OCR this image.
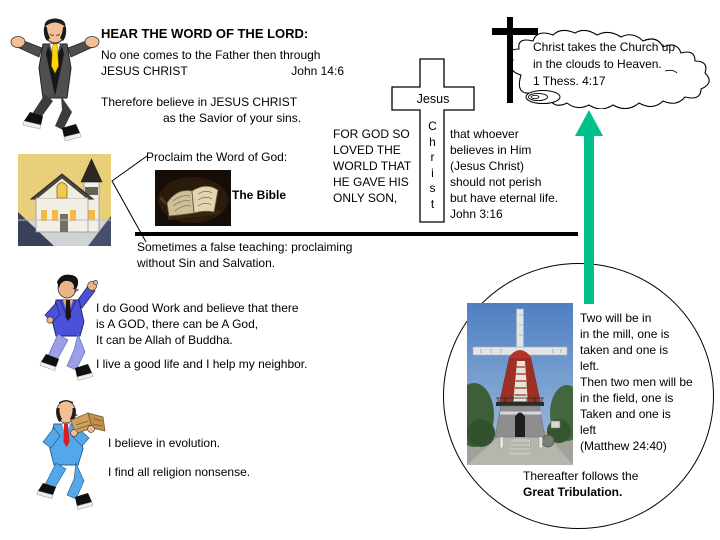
HEAR THE WORD OF THE LORD:
No one comes to the Father then through
JESUS CHRIST	John 14:6
Therefore believe in JESUS CHRIST
as the Savior of your sins.
Proclaim the Word of God:
The Bible
Sometimes a false teaching: proclaiming
without Sin and Salvation.
FOR GOD SO
LOVED THE
WORLD THAT
HE GAVE HIS
ONLY SON,
Jesus
C
h
r
i
s
t
that whoever
believes in Him
(Jesus Christ)
should not perish
but have eternal life.
John 3:16
Christ takes the Church up
in the clouds to Heaven.
1 Thess. 4:17
Two will be in
in the mill, one is
taken and one is
left.
Then two men will be
in the field, one is
Taken and one is
left
(Matthew 24:40)
Thereafter follows the
Great Tribulation.
I do Good Work and believe that there
is A GOD, there can be A God,
It can be Allah of Buddha.
I live a good life and I help my neighbor.
I believe in evolution.
I find all religion nonsense.
